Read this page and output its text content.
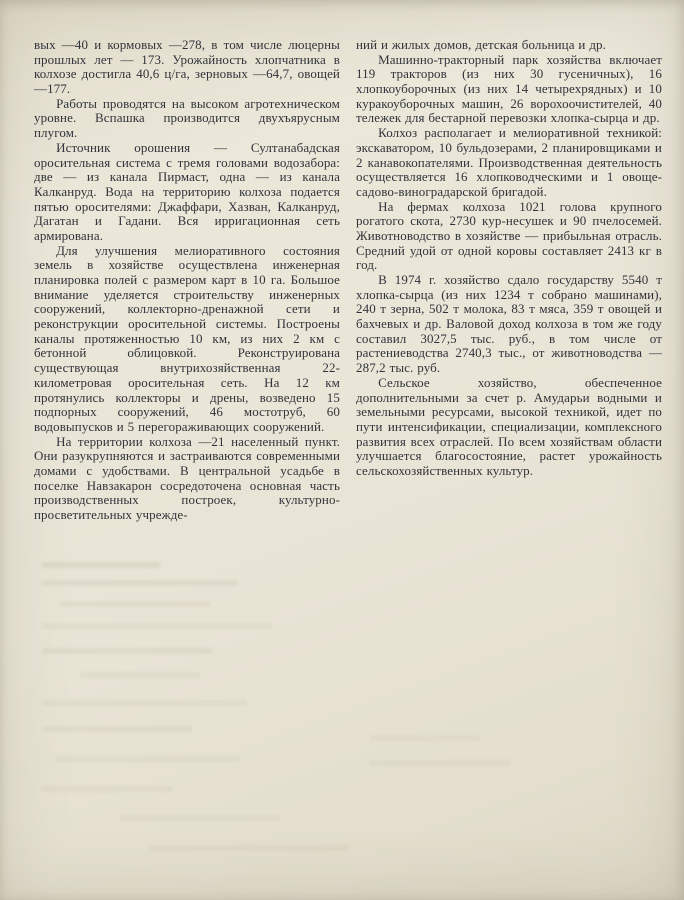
вых —40 и кормовых —278, в том числе люцерны прошлых лет — 173. Урожайность хлопчатника в колхозе достигла 40,6 ц/га, зерновых —64,7, овощей—177.

Работы проводятся на высоком агротехническом уровне. Вспашка производится двухъярусным плугом.

Источник орошения — Султанабадская оросительная система с тремя головами водозабора: две — из канала Пирмаст, одна — из канала Калканруд. Вода на территорию колхоза подается пятью оросителями: Джаффари, Хазван, Калканруд, Дагатан и Гадани. Вся ирригационная сеть армирована.

Для улучшения мелиоративного состояния земель в хозяйстве осуществлена инженерная планировка полей с размером карт в 10 га. Большое внимание уделяется строительству инженерных сооружений, коллекторно-дренажной сети и реконструкции оросительной системы. Построены каналы протяженностью 10 км, из них 2 км с бетонной облицовкой. Реконструирована существующая внутрихозяйственная 22-километровая оросительная сеть. На 12 км протянулись коллекторы и дрены, возведено 15 подпорных сооружений, 46 мостотруб, 60 водовыпусков и 5 перегораживающих сооружений.

На территории колхоза —21 населенный пункт. Они разукрупняются и застраиваются современными домами с удобствами. В центральной усадьбе в поселке Навзакарон сосредоточена основная часть производственных построек, культурно-просветительных учрежде-

ний и жилых домов, детская больница и др.

Машинно-тракторный парк хозяйства включает 119 тракторов (из них 30 гусеничных), 16 хлопкоуборочных (из них 14 четырехрядных) и 10 куракоуборочных машин, 26 ворохоочистителей, 40 тележек для бестарной перевозки хлопка-сырца и др.

Колхоз располагает и мелиоративной техникой: экскаватором, 10 бульдозерами, 2 планировщиками и 2 канавокопателями. Производственная деятельность осуществляется 16 хлопководческими и 1 овоще-садово-виноградарской бригадой.

На фермах колхоза 1021 голова крупного рогатого скота, 2730 кур-несушек и 90 пчелосемей. Животноводство в хозяйстве — прибыльная отрасль. Средний удой от одной коровы составляет 2413 кг в год.

В 1974 г. хозяйство сдало государству 5540 т хлопка-сырца (из них 1234 т собрано машинами), 240 т зерна, 502 т молока, 83 т мяса, 359 т овощей и бахчевых и др. Валовой доход колхоза в том же году составил 3027,5 тыс. руб., в том числе от растениеводства 2740,3 тыс., от животноводства — 287,2 тыс. руб.

Сельское хозяйство, обеспеченное дополнительными за счет р. Амударьи водными и земельными ресурсами, высокой техникой, идет по пути интенсификации, специализации, комплексного развития всех отраслей. По всем хозяйствам области улучшается благосостояние, растет урожайность сельскохозяйственных культур.
